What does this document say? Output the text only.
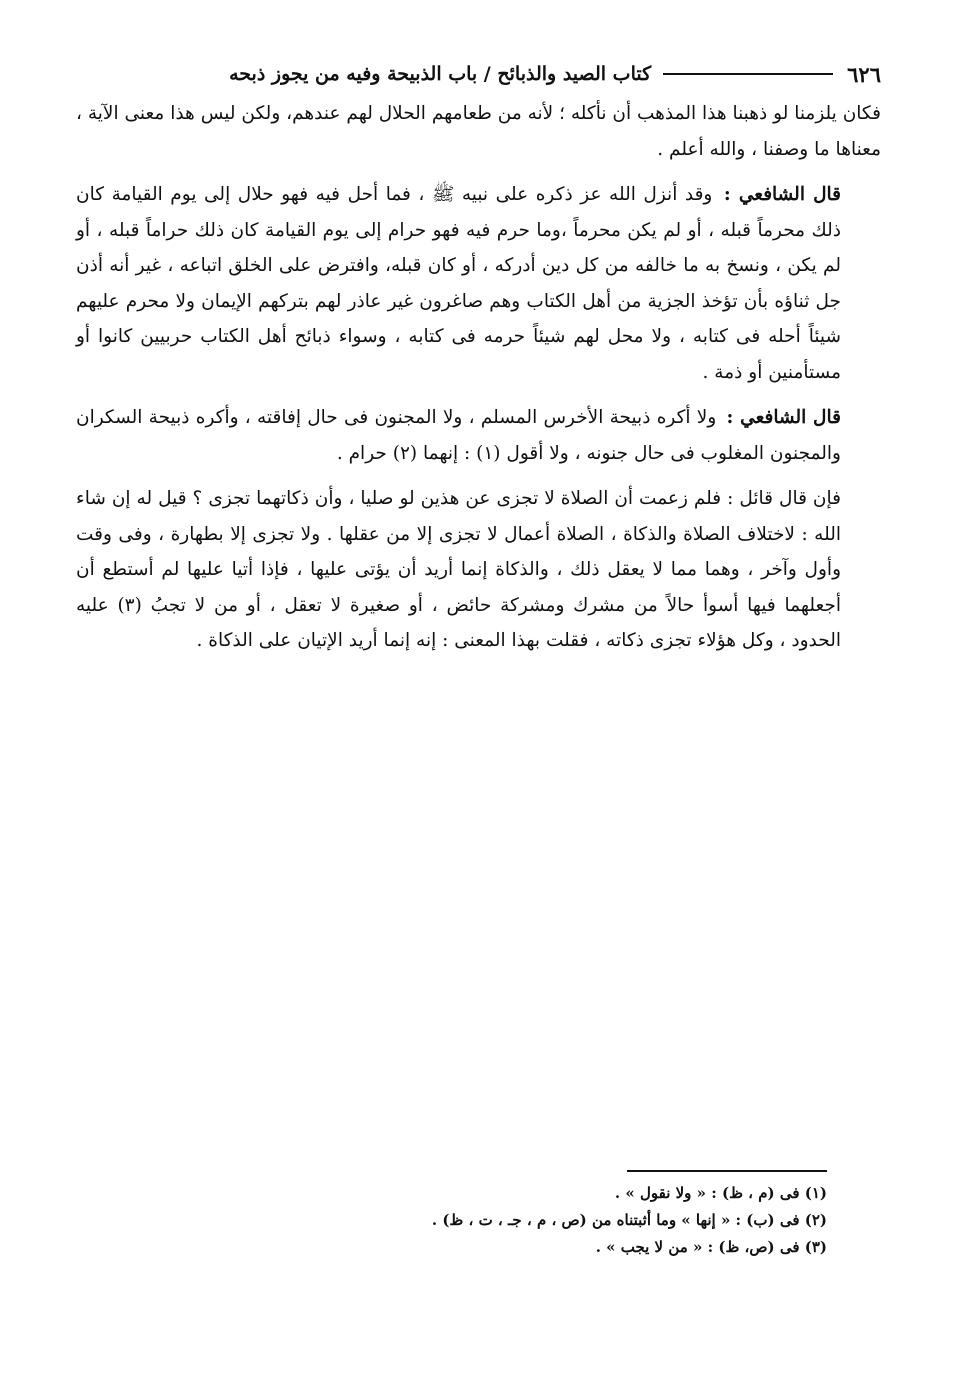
٦٢٦
كتاب الصيد والذبائح / باب الذبيحة وفيه من يجوز ذبحه

فكان يلزمنا لو ذهبنا هذا المذهب أن نأكله ؛ لأنه من طعامهم الحلال لهم عندهم، ولكن ليس هذا معنى الآية ، معناها ما وصفنا ، والله أعلم .

قال الشافعي : وقد أنزل الله عز ذكره على نبيه ﷺ ، فما أحل فيه فهو حلال إلى يوم القيامة كان ذلك محرماً قبله ، أو لم يكن محرماً ،وما حرم فيه فهو حرام إلى يوم القيامة كان ذلك حراماً قبله ، أو لم يكن ، ونسخ به ما خالفه من كل دين أدركه ، أو كان قبله، وافترض على الخلق اتباعه ، غير أنه أذن جل ثناؤه بأن تؤخذ الجزية من أهل الكتاب وهم صاغرون غير عاذر لهم بتركهم الإيمان ولا محرم عليهم شيئاً أحله فى كتابه ، ولا محل لهم شيئاً حرمه فى كتابه ، وسواء ذبائح أهل الكتاب حربيين كانوا أو مستأمنين أو ذمة .

قال الشافعي : ولا أكره ذبيحة الأخرس المسلم ، ولا المجنون فى حال إفاقته ، وأكره ذبيحة السكران والمجنون المغلوب فى حال جنونه ، ولا أقول (١) : إنهما (٢) حرام .

فإن قال قائل : فلم زعمت أن الصلاة لا تجزى عن هذين لو صليا ، وأن ذكاتهما تجزى ؟ قيل له إن شاء الله : لاختلاف الصلاة والذكاة ، الصلاة أعمال لا تجزى إلا من عقلها . ولا تجزى إلا بطهارة ، وفى وقت وأول وآخر ، وهما مما لا يعقل ذلك ، والذكاة إنما أريد أن يؤتى عليها ، فإذا أتيا عليها لم أستطع أن أجعلهما فيها أسوأ حالاً من مشرك ومشركة حائض ، أو صغيرة لا تعقل ، أو من لا تجبُ (٣) عليه الحدود ، وكل هؤلاء تجزى ذكاته ، فقلت بهذا المعنى : إنه إنما أريد الإتيان على الذكاة .

(١) فى (م ، ظ) : « ولا نقول » .
(٢) فى (ب) : « إنها » وما أثبتناه من (ص ، م ، جـ ، ت ، ظ) .
(٣) فى (ص، ظ) : « من لا يجب » .
